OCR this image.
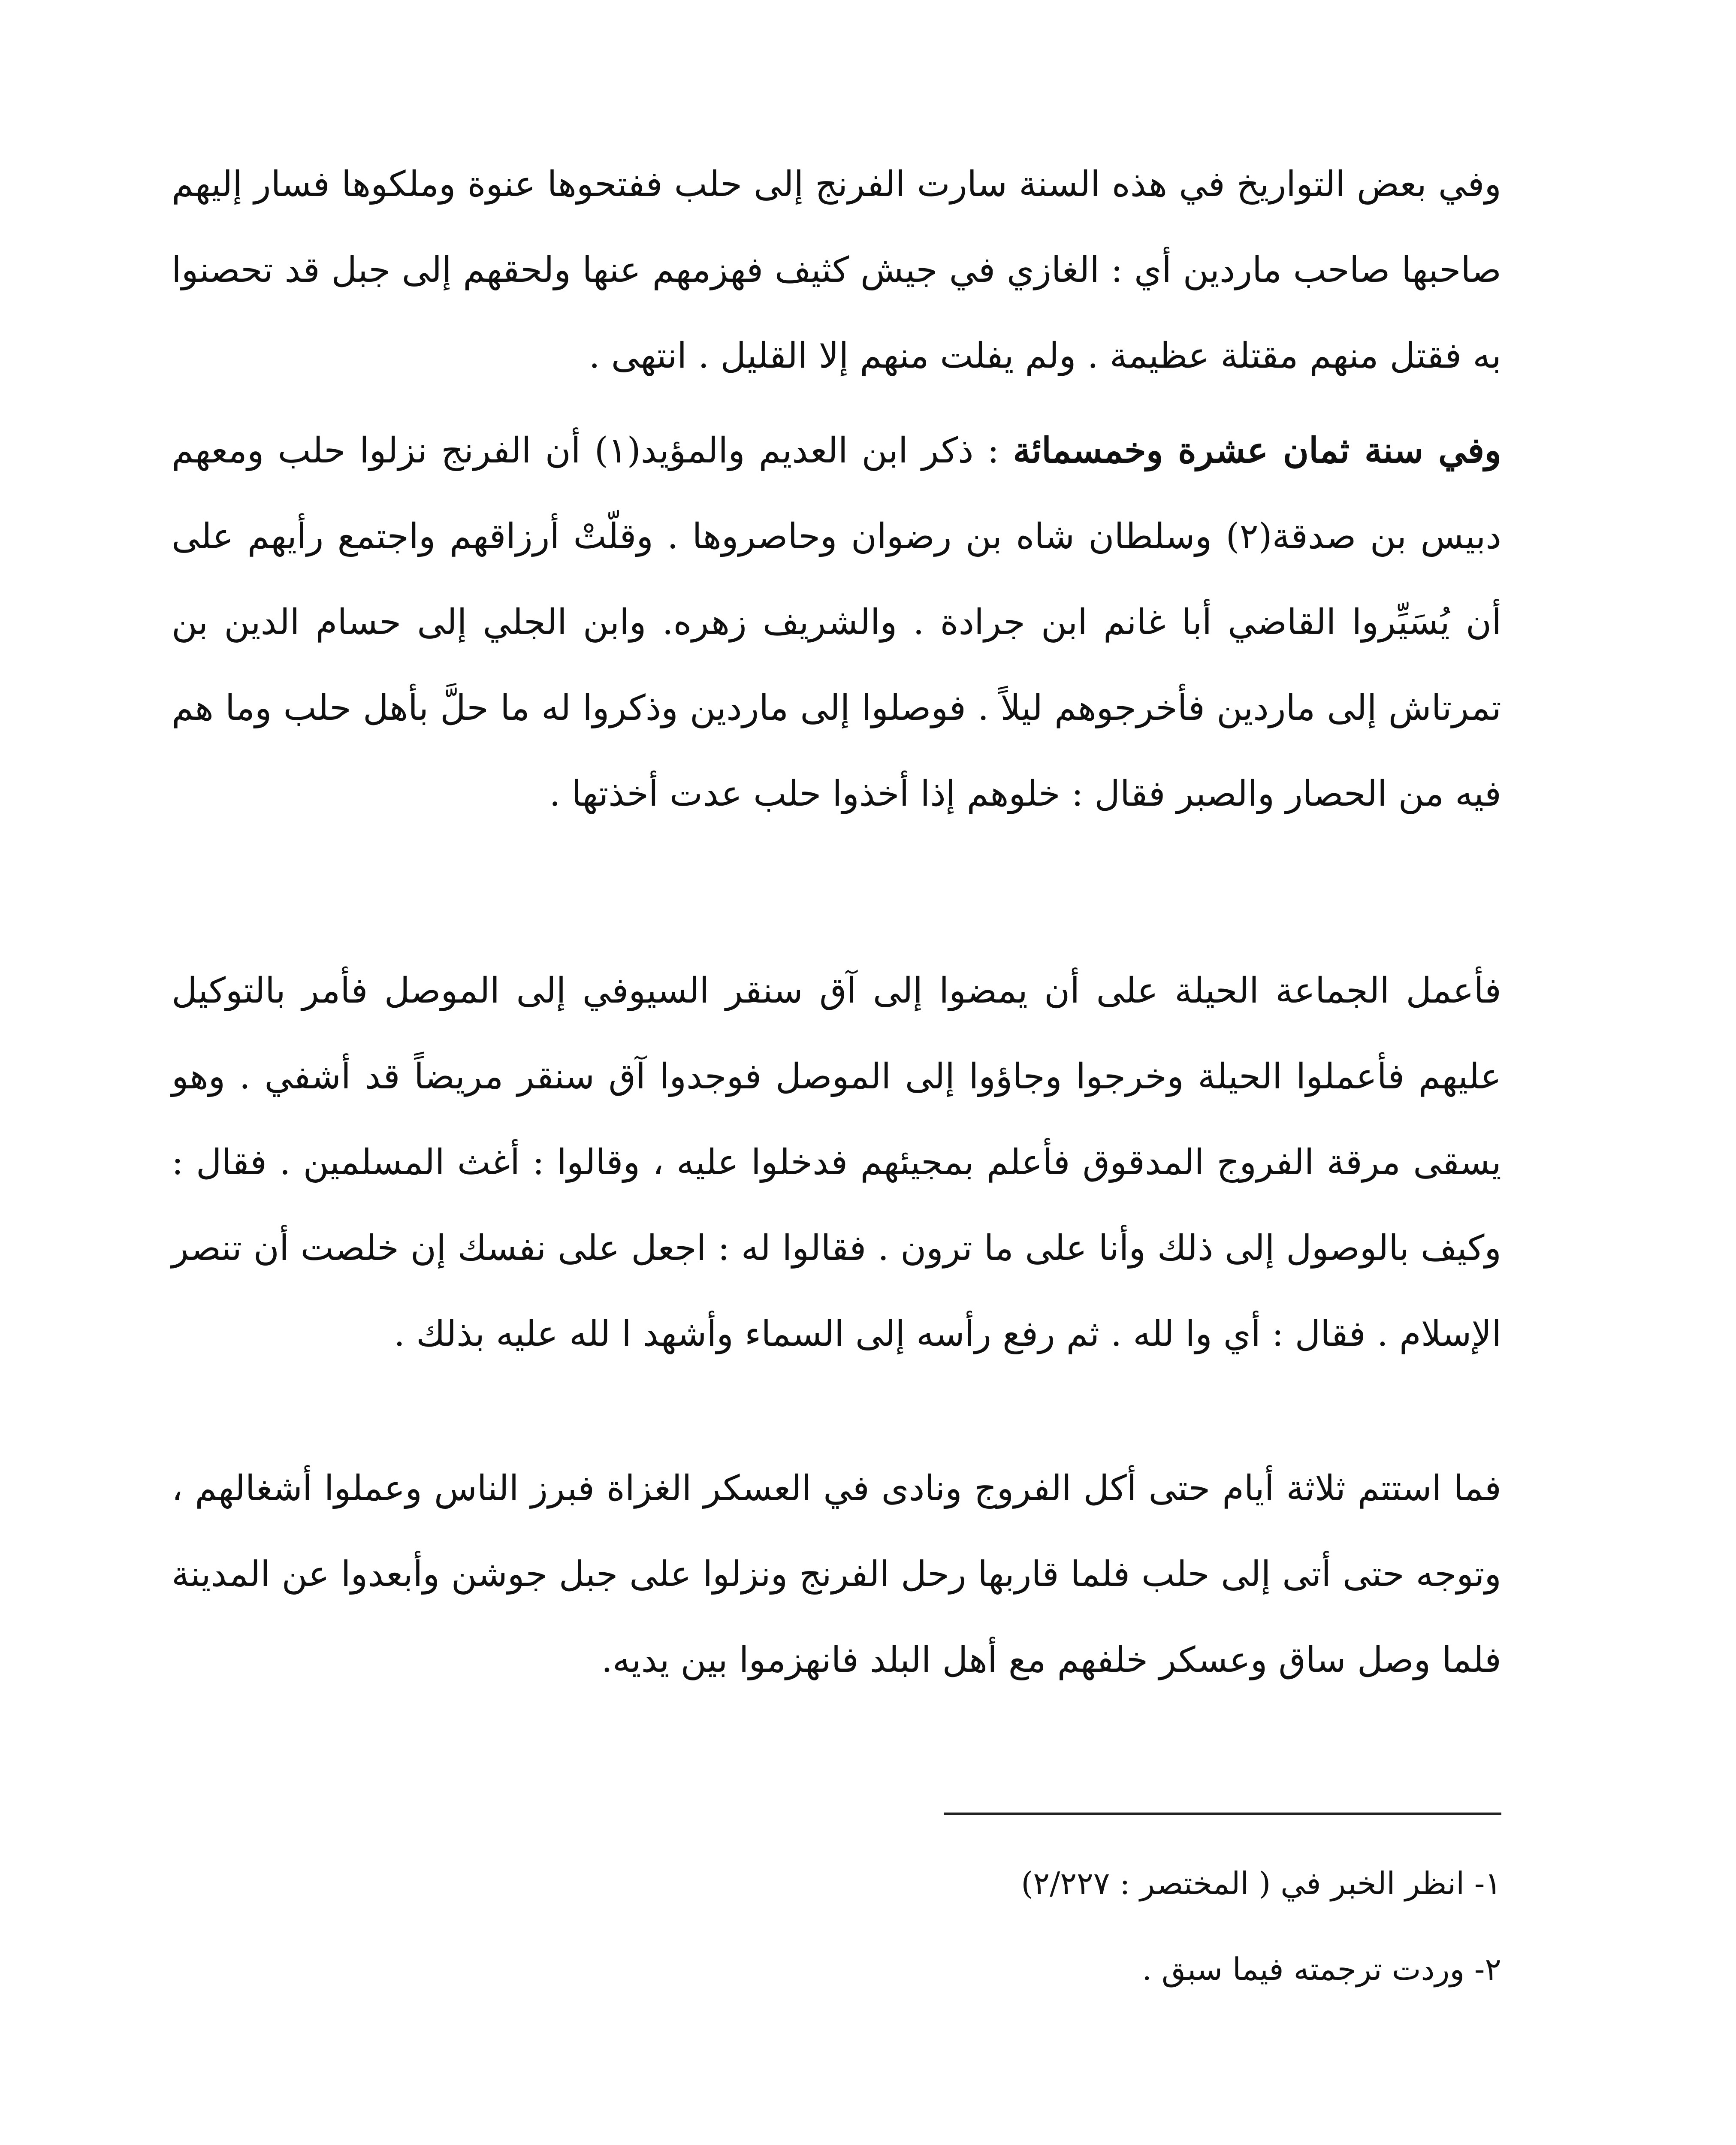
وفي بعض التواريخ في هذه السنة سارت الفرنج إلى حلب ففتحوها عنوة وملكوها فسار إليهم صاحبها صاحب ماردين أي : الغازي في جيش كثيف فهزمهم عنها ولحقهم إلى جبل قد تحصنوا به فقتل منهم مقتلة عظيمة . ولم يفلت منهم إلا القليل . انتهى .

وفي سنة ثمان عشرة وخمسمائة : ذكر ابن العديم والمؤيد(١) أن الفرنج نزلوا حلب ومعهم دبيس بن صدقة(٢) وسلطان شاه بن رضوان وحاصروها . وقلّتْ أرزاقهم واجتمع رأيهم على أن يُسَيِّروا القاضي أبا غانم ابن جرادة . والشريف زهره. وابن الجلي إلى حسام الدين بن تمرتاش إلى ماردين فأخرجوهم ليلاً . فوصلوا إلى ماردين وذكروا له ما حلَّ بأهل حلب وما هم فيه من الحصار والصبر فقال : خلوهم إذا أخذوا حلب عدت أخذتها .

فأعمل الجماعة الحيلة على أن يمضوا إلى آق سنقر السيوفي إلى الموصل فأمر بالتوكيل عليهم فأعملوا الحيلة وخرجوا وجاؤوا إلى الموصل فوجدوا آق سنقر مريضاً قد أشفي . وهو يسقى مرقة الفروج المدقوق فأعلم بمجيئهم فدخلوا عليه ، وقالوا : أغث المسلمين . فقال : وكيف بالوصول إلى ذلك وأنا على ما ترون . فقالوا له : اجعل على نفسك إن خلصت أن تنصر الإسلام . فقال : أي وا لله . ثم رفع رأسه إلى السماء وأشهد ا لله عليه بذلك .

فما استتم ثلاثة أيام حتى أكل الفروج ونادى في العسكر الغزاة فبرز الناس وعملوا أشغالهم ، وتوجه حتى أتى إلى حلب فلما قاربها رحل الفرنج ونزلوا على جبل جوشن وأبعدوا عن المدينة فلما وصل ساق وعسكر خلفهم مع أهل البلد فانهزموا بين يديه.

١- انظر الخبر في ( المختصر : ٢/٢٢٧)

٢- وردت ترجمته فيما سبق .
